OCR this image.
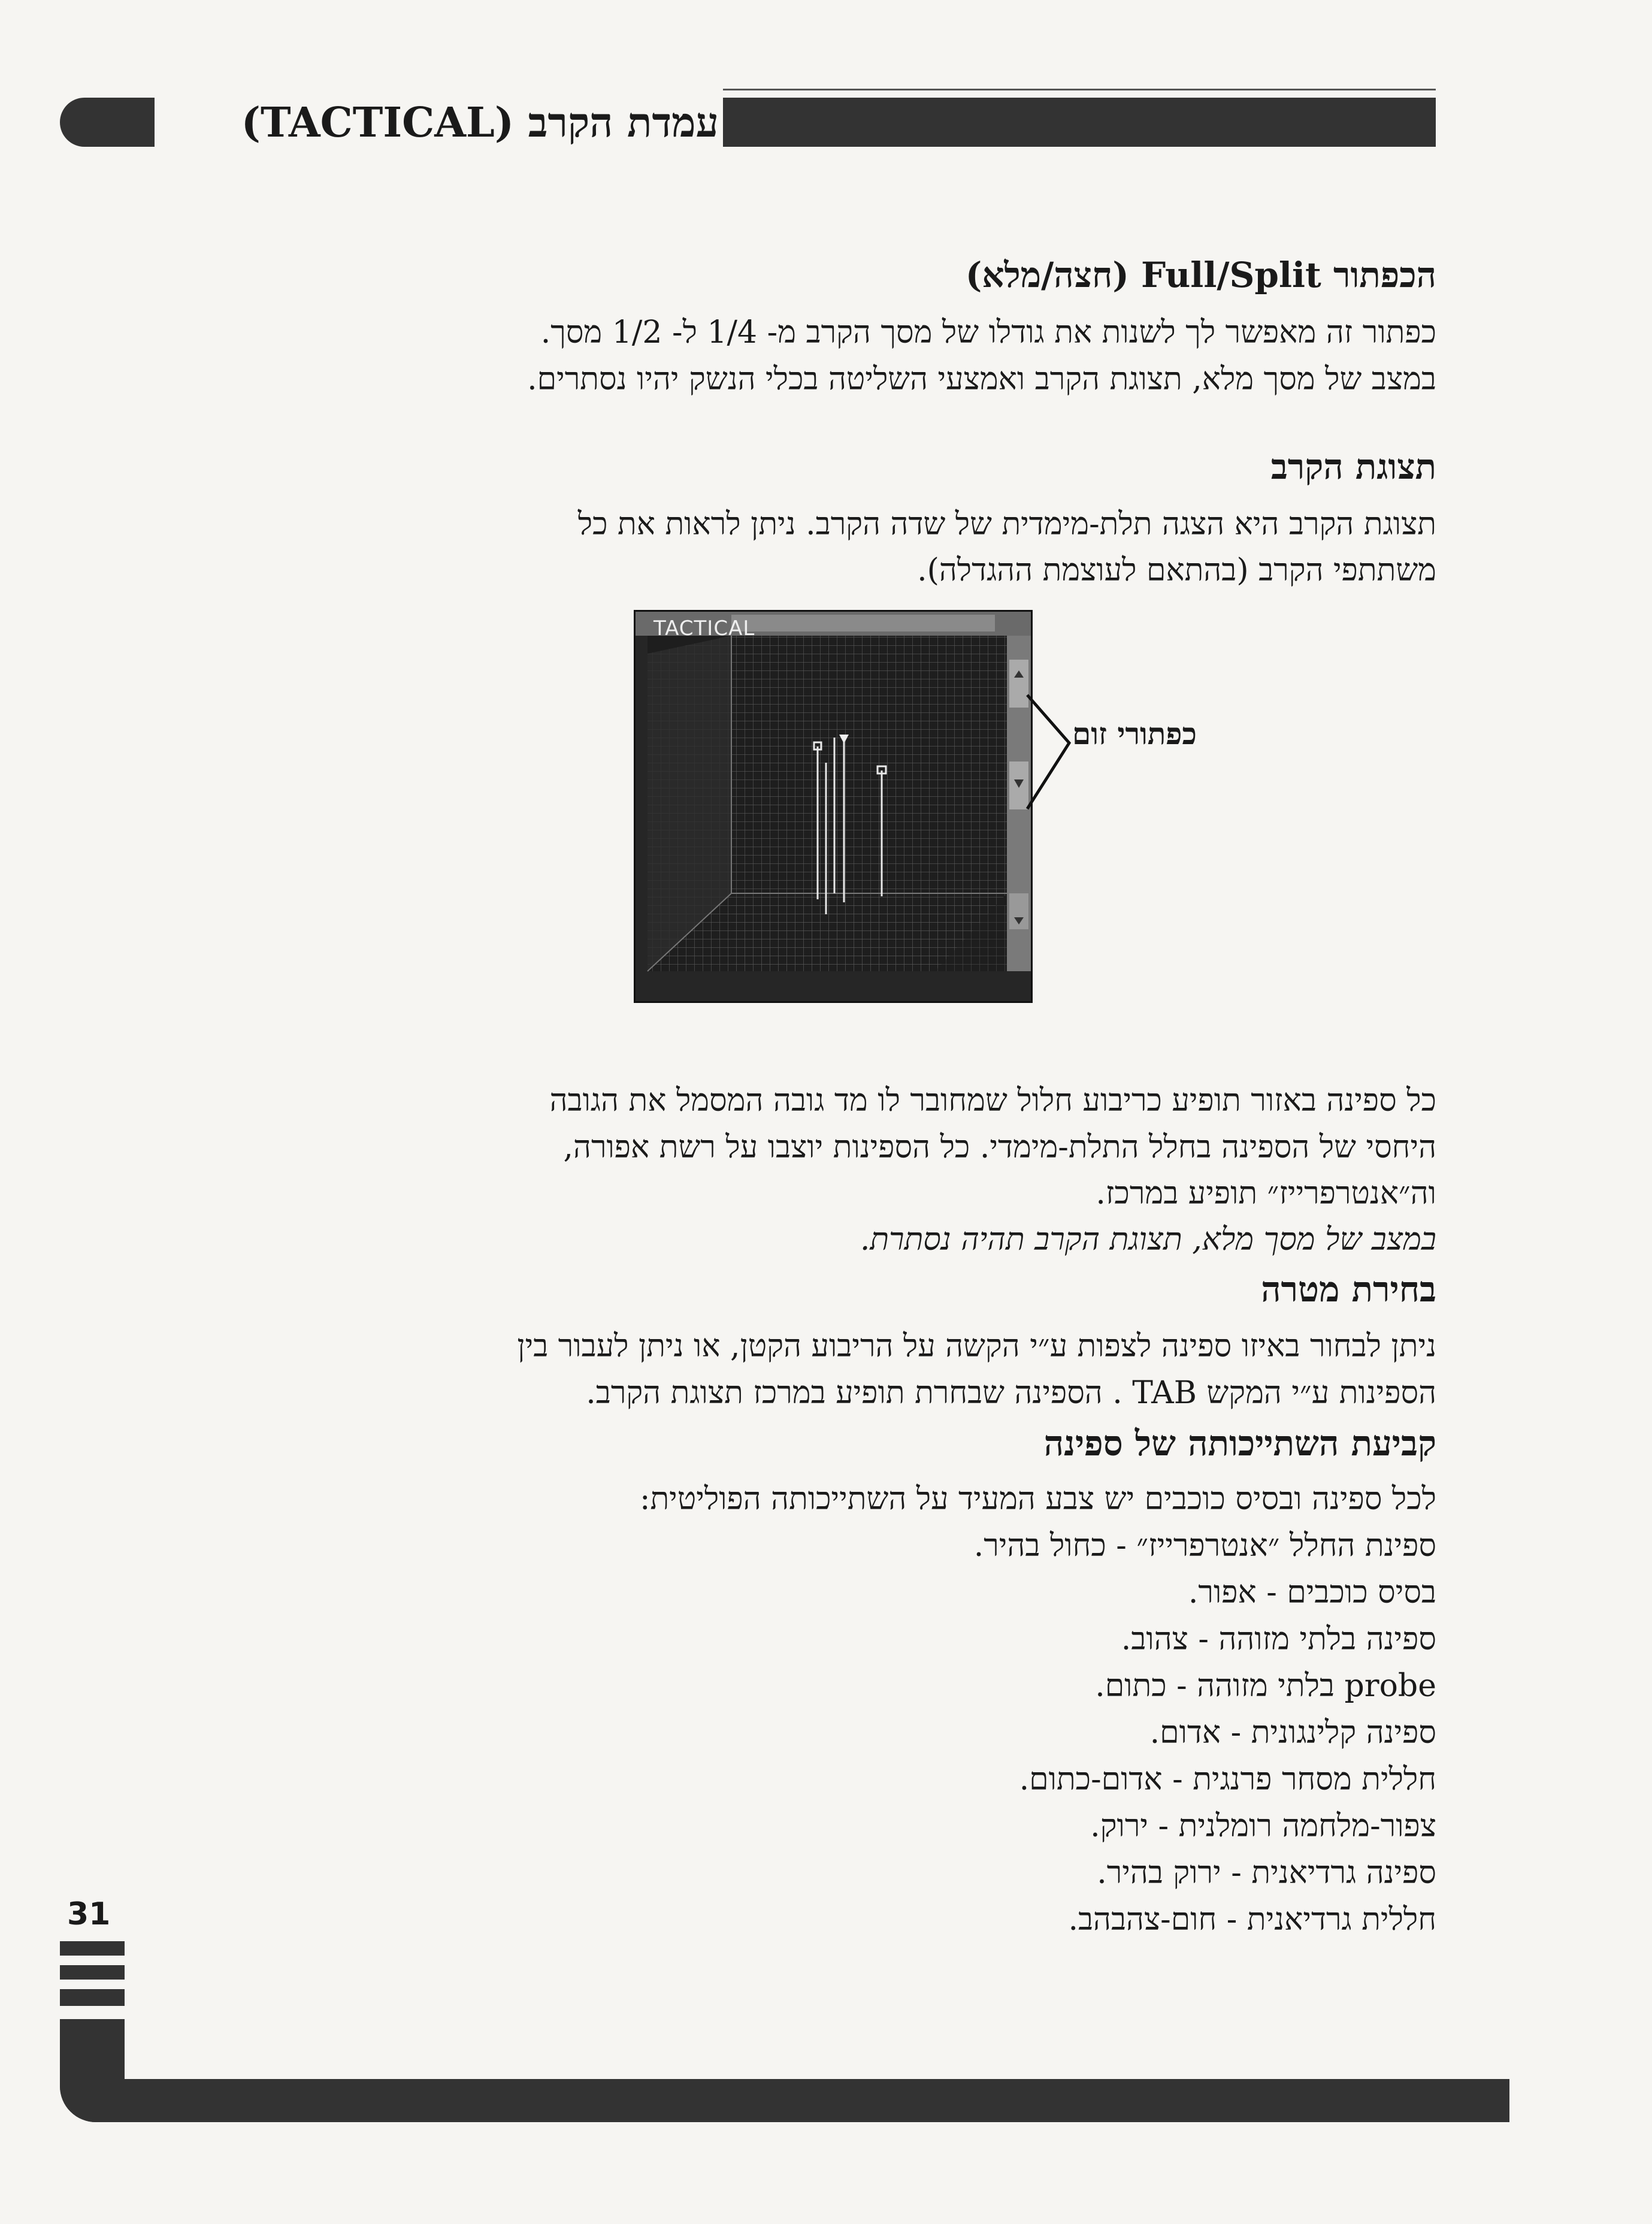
עמדת הקרב (TACTICAL)
הכפתור Full/Split (חצה/מלא)
כפתור זה מאפשר לך לשנות את גודלו של מסך הקרב מ- 1/4 ל- 1/2 מסך.
במצב של מסך מלא, תצוגת הקרב ואמצעי השליטה בכלי הנשק יהיו נסתרים.
תצוגת הקרב
תצוגת הקרב היא הצגה תלת-מימדית של שדה הקרב. ניתן לראות את כל
משתתפי הקרב (בהתאם לעוצמת ההגדלה).
TACTICAL
כפתורי זום
כל ספינה באזור תופיע כריבוע חלול שמחובר לו מד גובה המסמל את הגובה
היחסי של הספינה בחלל התלת-מימדי. כל הספינות יוצבו על רשת אפורה,
וה״אנטרפרייז״ תופיע במרכז.
במצב של מסך מלא, תצוגת הקרב תהיה נסתרת.
בחירת מטרה
ניתן לבחור באיזו ספינה לצפות ע״י הקשה על הריבוע הקטן, או ניתן לעבור בין
הספינות ע״י המקש TAB . הספינה שבחרת תופיע במרכז תצוגת הקרב.
קביעת השתייכותה של ספינה
לכל ספינה ובסיס כוכבים יש צבע המעיד על השתייכותה הפוליטית:
ספינת החלל ״אנטרפרייז״ - כחול בהיר.
בסיס כוכבים - אפור.
ספינה בלתי מזוהה - צהוב.
probe בלתי מזוהה - כתום.
ספינה קלינגונית - אדום.
חללית מסחר פרנגית - אדום-כתום.
צפור-מלחמה רומלנית - ירוק.
ספינה גרדיאנית - ירוק בהיר.
חללית גרדיאנית - חום-צהבהב.
31
